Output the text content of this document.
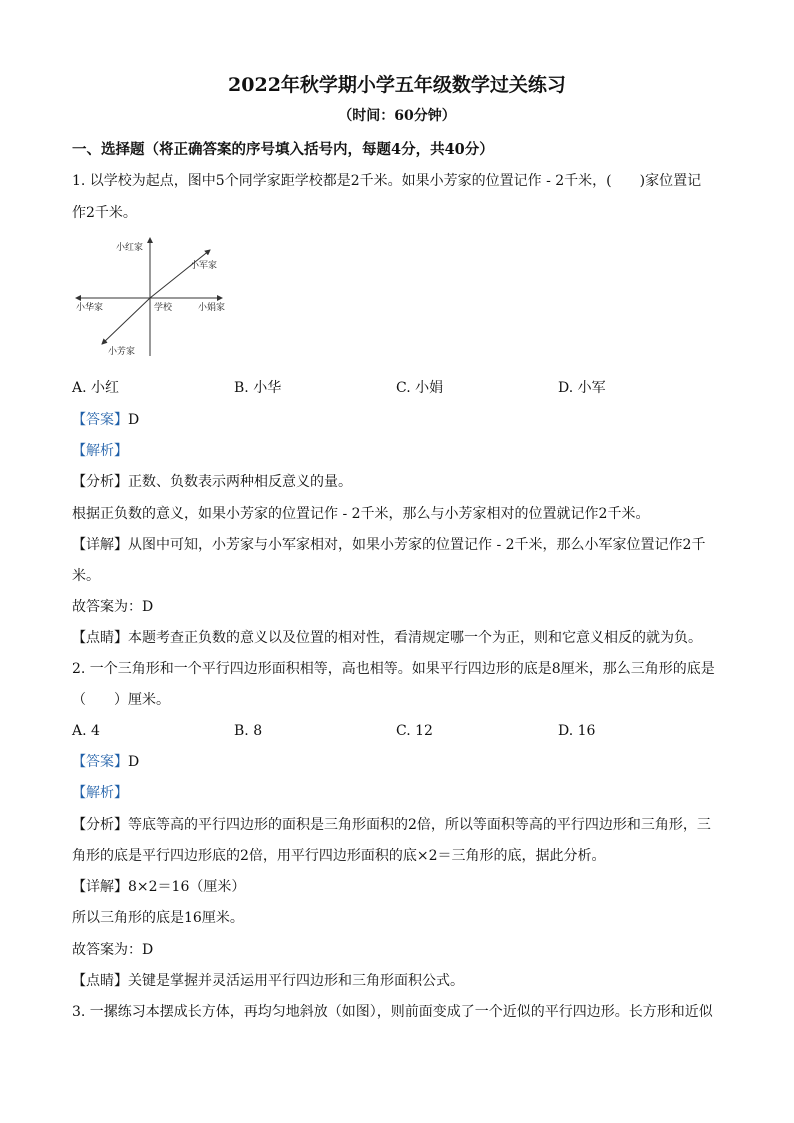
2022年秋学期小学五年级数学过关练习
（时间：60分钟）
一、选择题（将正确答案的序号填入括号内，每题4分，共40分）
1. 以学校为起点，图中5个同学家距学校都是2千米。如果小芳家的位置记作 - 2千米，(　　)家位置记
作2千米。
小红家
小军家
小华家	学校	小娟家
小芳家
A. 小红	B. 小华	C. 小娟	D. 小军
【答案】D
【解析】
【分析】正数、负数表示两种相反意义的量。
根据正负数的意义，如果小芳家的位置记作 - 2千米，那么与小芳家相对的位置就记作2千米。
【详解】从图中可知，小芳家与小军家相对，如果小芳家的位置记作 - 2千米，那么小军家位置记作2千
米。
故答案为：D
【点睛】本题考查正负数的意义以及位置的相对性，看清规定哪一个为正，则和它意义相反的就为负。
2. 一个三角形和一个平行四边形面积相等，高也相等。如果平行四边形的底是8厘米，那么三角形的底是
（　　）厘米。
A. 4	B. 8	C. 12	D. 16
【答案】D
【解析】
【分析】等底等高的平行四边形的面积是三角形面积的2倍，所以等面积等高的平行四边形和三角形，三
角形的底是平行四边形底的2倍，用平行四边形面积的底×2＝三角形的底，据此分析。
【详解】8×2＝16（厘米）
所以三角形的底是16厘米。
故答案为：D
【点睛】关键是掌握并灵活运用平行四边形和三角形面积公式。
3. 一摞练习本摆成长方体，再均匀地斜放（如图），则前面变成了一个近似的平行四边形。长方形和近似
